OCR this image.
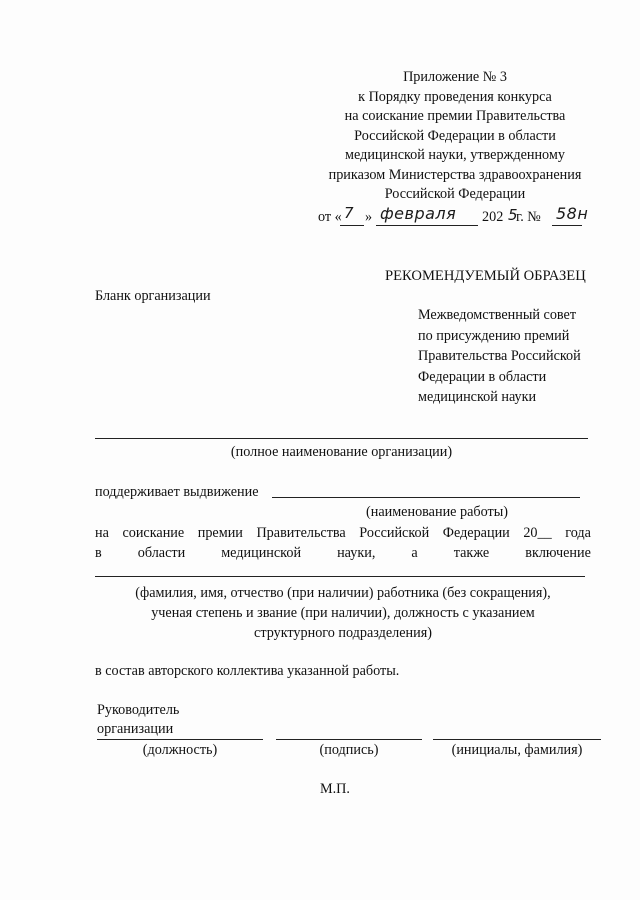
Приложение № 3
к Порядку проведения конкурса
на соискание премии Правительства
Российской Федерации в области
медицинской науки, утвержденному
приказом Министерства здравоохранения
Российской Федерации
от « 7 » февраля 202 5
г. № 58н
РЕКОМЕНДУЕМЫЙ ОБРАЗЕЦ
Бланк организации
Межведомственный совет
по присуждению премий
Правительства Российской
Федерации в области
медицинской науки
(полное наименование организации)
поддерживает выдвижение
(наименование работы)
на соискание премии Правительства Российской Федерации 20__ года
в	области	медицинской	науки,	а	также	включение
(фамилия, имя, отчество (при наличии) работника (без сокращения),
ученая степень и звание (при наличии), должность с указанием
структурного подразделения)
в состав авторского коллектива указанной работы.
Руководитель
организации
(должность)	(подпись)	(инициалы, фамилия)
М.П.
